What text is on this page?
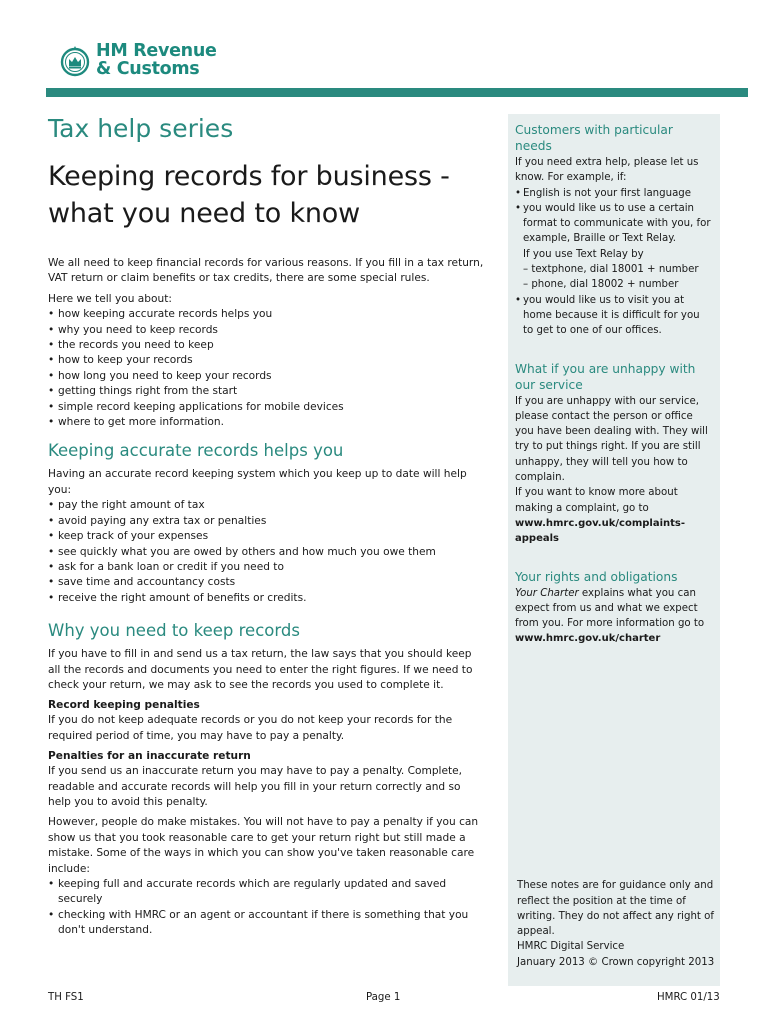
HM Revenue
& Customs
Tax help series
Keeping records for business - what you need to know

We all need to keep financial records for various reasons. If you fill in a tax return, VAT return or claim benefits or tax credits, there are some special rules.

Here we tell you about:

• how keeping accurate records helps you
• why you need to keep records
• the records you need to keep
• how to keep your records
• how long you need to keep your records
• getting things right from the start
• simple record keeping applications for mobile devices
• where to get more information.
Keeping accurate records helps you

Having an accurate record keeping system which you keep up to date will help you:

• pay the right amount of tax
• avoid paying any extra tax or penalties
• keep track of your expenses
• see quickly what you are owed by others and how much you owe them
• ask for a bank loan or credit if you need to
• save time and accountancy costs
• receive the right amount of benefits or credits.
Why you need to keep records

If you have to fill in and send us a tax return, the law says that you should keep all the records and documents you need to enter the right figures. If we need to check your return, we may ask to see the records you used to complete it.

Record keeping penalties

If you do not keep adequate records or you do not keep your records for the required period of time, you may have to pay a penalty.

Penalties for an inaccurate return

If you send us an inaccurate return you may have to pay a penalty. Complete, readable and accurate records will help you fill in your return correctly and so help you to avoid this penalty.

However, people do make mistakes. You will not have to pay a penalty if you can show us that you took reasonable care to get your return right but still made a mistake. Some of the ways in which you can show you've taken reasonable care include:

• keeping full and accurate records which are regularly updated and saved securely
• checking with HMRC or an agent or accountant if there is something that you don't understand.
Customers with particular needs

If you need extra help, please let us know. For example, if:

• English is not your first language
• you would like us to use a certain format to communicate with you, for example, Braille or Text Relay.
If you use Text Relay by
– textphone, dial 18001 + number
– phone, dial 18002 + number
• you would like us to visit you at home because it is difficult for you to get to one of our offices.
What if you are unhappy with our service

If you are unhappy with our service, please contact the person or office you have been dealing with. They will try to put things right. If you are still unhappy, they will tell you how to complain.

If you want to know more about making a complaint, go to

www.hmrc.gov.uk/complaints-appeals

Your rights and obligations

Your Charter explains what you can expect from us and what we expect from you. For more information go to

www.hmrc.gov.uk/charter

These notes are for guidance only and reflect the position at the time of writing. They do not affect any right of appeal.

HMRC Digital Service

January 2013 © Crown copyright 2013

TH FS1	Page 1	HMRC 01/13
